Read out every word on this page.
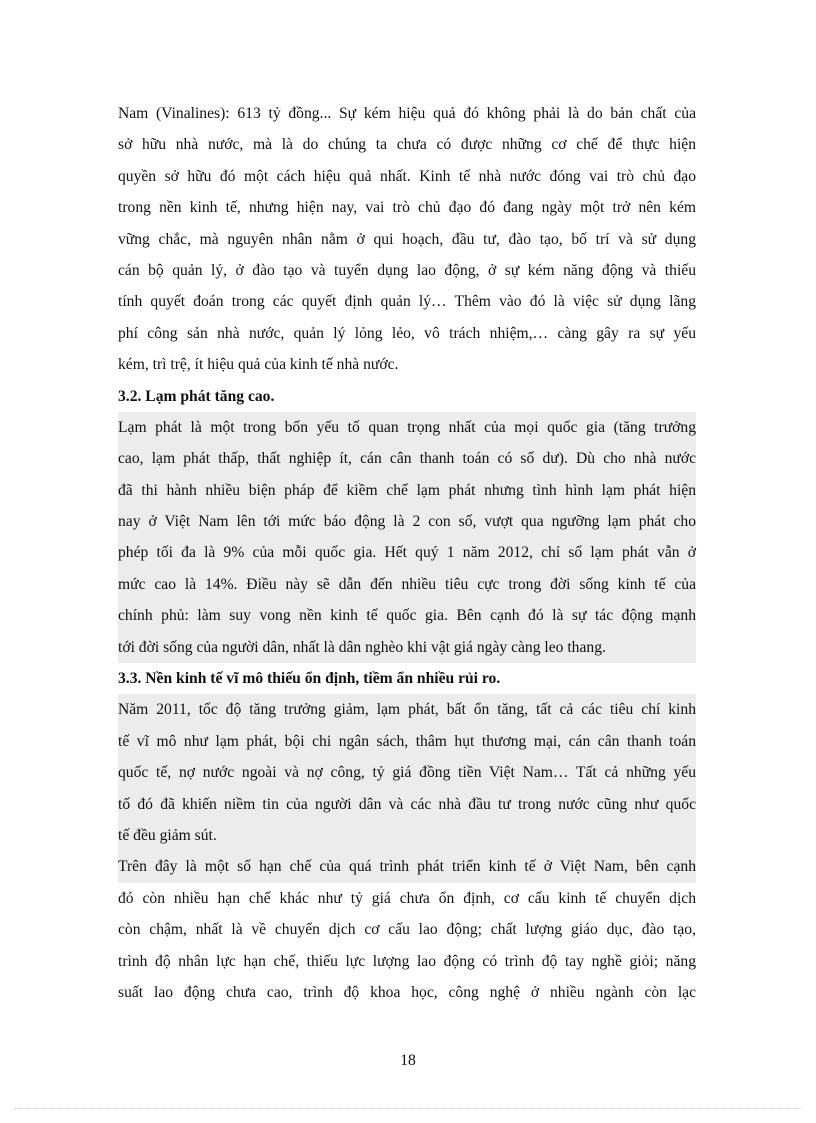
Nam (Vinalines): 613 tỷ đồng... Sự kém hiệu quả đó không phải là do bản chất của
sở hữu nhà nước, mà là do chúng ta chưa có được những cơ chế để thực hiện
quyền sở hữu đó một cách hiệu quả nhất. Kinh tế nhà nước đóng vai trò chủ đạo
trong nền kinh tế, nhưng hiện nay, vai trò chủ đạo đó đang ngày một trở nên kém
vững chắc, mà nguyên nhân nằm ở qui hoạch, đầu tư, đào tạo, bố trí và sử dụng
cán bộ quản lý, ở đào tạo và tuyển dụng lao động, ở sự kém năng động và thiếu
tính quyết đoán trong các quyết định quản lý… Thêm vào đó là việc sử dụng lãng
phí công sản nhà nước, quản lý lỏng lẻo, vô trách nhiệm,… càng gây ra sự yếu
kém, trì trệ, ít hiệu quả của kinh tế nhà nước.
3.2. Lạm phát tăng cao.
Lạm phát là một trong bốn yếu tố quan trọng nhất của mọi quốc gia (tăng trưởng
cao, lạm phát thấp, thất nghiệp ít, cán cân thanh toán có số dư). Dù cho nhà nước
đã thi hành nhiều biện pháp để kiềm chế lạm phát nhưng tình hình lạm phát hiện
nay ở Việt Nam lên tới mức báo động là 2 con số, vượt qua ngưỡng lạm phát cho
phép tối đa là 9% của mỗi quốc gia. Hết quý 1 năm 2012, chỉ số lạm phát vẫn ở
mức cao là 14%. Điều này sẽ dẫn đến nhiều tiêu cực trong đời sống kinh tế của
chính phủ: làm suy vong nền kinh tế quốc gia. Bên cạnh đó là sự tác động mạnh
tới đời sống của người dân, nhất là dân nghèo khi vật giá ngày càng leo thang.
3.3. Nền kinh tế vĩ mô thiếu ổn định, tiềm ẩn nhiều rủi ro.
Năm 2011, tốc độ tăng trưởng giảm, lạm phát, bất ổn tăng, tất cả các tiêu chí kinh
tế vĩ mô như lạm phát, bội chi ngân sách, thâm hụt thương mại, cán cân thanh toán
quốc tế, nợ nước ngoài và nợ công, tỷ giá đồng tiền Việt Nam… Tất cả những yếu
tố đó đã khiến niềm tin của người dân và các nhà đầu tư trong nước cũng như quốc
tế đều giảm sút.
Trên đây là một số hạn chế của quá trình phát triển kinh tế ở Việt Nam, bên cạnh
đó còn nhiều hạn chế khác như tỷ giá chưa ổn định, cơ cấu kinh tế chuyển dịch
còn chậm, nhất là về chuyển dịch cơ cấu lao động; chất lượng giáo dục, đào tạo,
trình độ nhân lực hạn chế, thiếu lực lượng lao động có trình độ tay nghề giỏi; năng
suất lao động chưa cao, trình độ khoa học, công nghệ ở nhiều ngành còn lạc
18
